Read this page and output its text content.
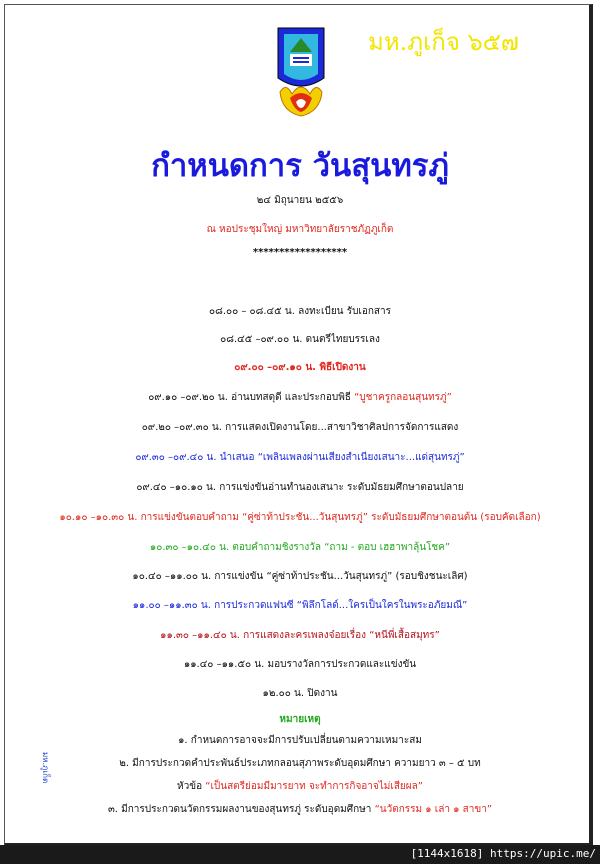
มห.ภูเก็จ ๖๕๗
มห.ภูเก็ต
กำหนดการ วันสุนทรภู่
๒๔ มิถุนายน ๒๕๕๖
ณ หอประชุมใหญ่ มหาวิทยาลัยราชภัฏภูเก็ต
******************
๐๘.๐๐ – ๐๘.๔๕ น. ลงทะเบียน รับเอกสาร
๐๘.๔๕ –๐๙.๐๐ น. ดนตรีไทยบรรเลง
๐๙.๐๐ –๐๙.๑๐ น. พิธีเปิดงาน
๐๙.๑๐ –๐๙.๒๐ น. อ่านบทสดุดี และประกอบพิธี “บูชาครูกลอนสุนทรภู่”
๐๙.๒๐ –๐๙.๓๐ น. การแสดงเปิดงานโดย...สาขาวิชาศิลปการจัดการแสดง
๐๙.๓๐ –๐๙.๔๐ น. นำเสนอ “เพลินเพลงผ่านเสียงสำเนียงเสนาะ...แด่สุนทรภู่”
๐๙.๔๐ –๑๐.๑๐ น. การแข่งขันอ่านทำนองเสนาะ ระดับมัธยมศึกษาตอนปลาย
๑๐.๑๐ –๑๐.๓๐ น. การแข่งขันตอบคำถาม “คู่ซ่าท้าประชัน...วันสุนทรภู่” ระดับมัธยมศึกษาตอนต้น (รอบคัดเลือก)
๑๐.๓๐ –๑๐.๔๐ น. ตอบคำถามชิงรางวัล “ถาม - ตอบ เฮฮาพาลุ้นโชค”
๑๐.๔๐ –๑๑.๐๐ น. การแข่งขัน “คู่ซ่าท้าประชัน...วันสุนทรภู่” (รอบชิงชนะเลิศ)
๑๑.๐๐ –๑๑.๓๐ น. การประกวดแฟนซี “พิลึกโลด์...ใครเป็นใครในพระอภัยมณี”
๑๑.๓๐ –๑๑.๔๐ น. การแสดงละครเพลงจ๋อยเรื่อง “หนีพี่เสื้อสมุทร”
๑๑.๔๐ –๑๑.๕๐ น. มอบรางวัลการประกวดและแข่งขัน
๑๒.๐๐ น. ปิดงาน
หมายเหตุ
๑. กำหนดการอาจจะมีการปรับเปลี่ยนตามความเหมาะสม
๒. มีการประกวดคำประพันธ์ประเภทกลอนสุภาพระดับอุดมศึกษา ความยาว ๓ – ๕ บท
หัวข้อ “เป็นสตรีย่อมมีมารยาท จะทำการกิจอาจไม่เสียผล”
๓. มีการประกวดนวัตกรรมผลงานของสุนทรภู่ ระดับอุดมศึกษา “นวัตกรรม ๑ เล่า ๑ สาขา”
[1144x1618] https://upic.me/
